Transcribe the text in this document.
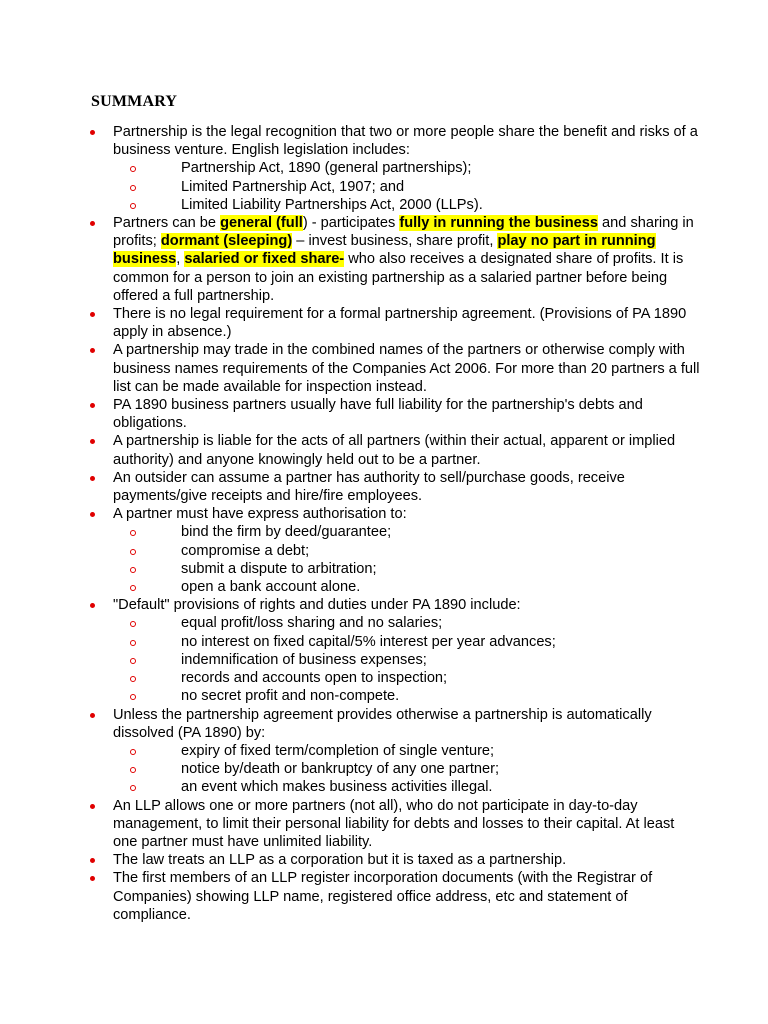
SUMMARY
Partnership is the legal recognition that two or more people share the benefit and risks of a business venture. English legislation includes:
Partnership Act, 1890 (general partnerships);
Limited Partnership Act, 1907; and
Limited Liability Partnerships Act, 2000 (LLPs).
Partners can be general (full) - participates fully in running the business and sharing in profits; dormant (sleeping) – invest business, share profit, play no part in running business, salaried or fixed share- who also receives a designated share of profits. It is common for a person to join an existing partnership as a salaried partner before being offered a full partnership.
There is no legal requirement for a formal partnership agreement. (Provisions of PA 1890 apply in absence.)
A partnership may trade in the combined names of the partners or otherwise comply with business names requirements of the Companies Act 2006. For more than 20 partners a full list can be made available for inspection instead.
PA 1890 business partners usually have full liability for the partnership's debts and obligations.
A partnership is liable for the acts of all partners (within their actual, apparent or implied authority) and anyone knowingly held out to be a partner.
An outsider can assume a partner has authority to sell/purchase goods, receive payments/give receipts and hire/fire employees.
A partner must have express authorisation to:
bind the firm by deed/guarantee;
compromise a debt;
submit a dispute to arbitration;
open a bank account alone.
"Default" provisions of rights and duties under PA 1890 include:
equal profit/loss sharing and no salaries;
no interest on fixed capital/5% interest per year advances;
indemnification of business expenses;
records and accounts open to inspection;
no secret profit and non-compete.
Unless the partnership agreement provides otherwise a partnership is automatically dissolved (PA 1890) by:
expiry of fixed term/completion of single venture;
notice by/death or bankruptcy of any one partner;
an event which makes business activities illegal.
An LLP allows one or more partners (not all), who do not participate in day-to-day management, to limit their personal liability for debts and losses to their capital. At least one partner must have unlimited liability.
The law treats an LLP as a corporation but it is taxed as a partnership.
The first members of an LLP register incorporation documents (with the Registrar of Companies) showing LLP name, registered office address, etc and statement of compliance.
